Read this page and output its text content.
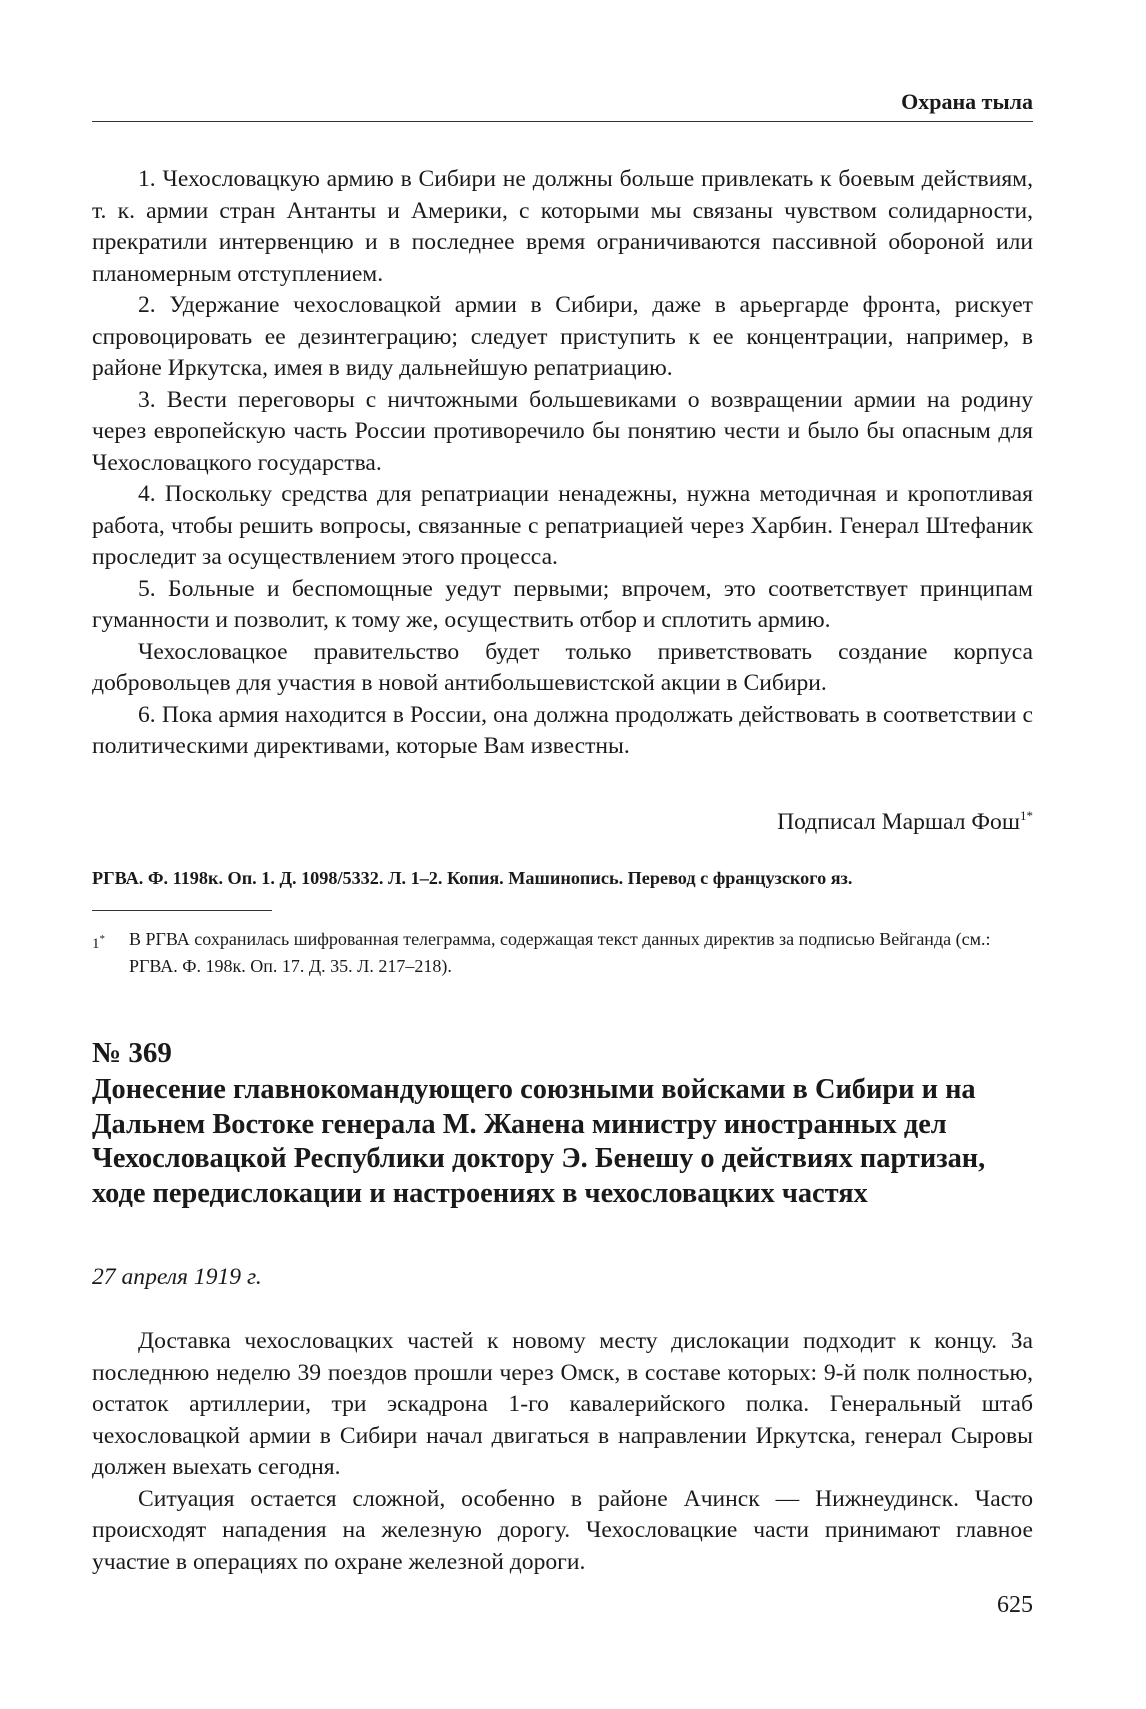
Охрана тыла

1. Чехословацкую армию в Сибири не должны больше привлекать к боевым действиям, т. к. армии стран Антанты и Америки, с которыми мы связаны чувством солидарности, прекратили интервенцию и в последнее время ограничиваются пассивной обороной или планомерным отступлением.

2. Удержание чехословацкой армии в Сибири, даже в арьергарде фронта, рискует спровоцировать ее дезинтеграцию; следует приступить к ее концентрации, например, в районе Иркутска, имея в виду дальнейшую репатриацию.

3. Вести переговоры с ничтожными большевиками о возвращении армии на родину через европейскую часть России противоречило бы понятию чести и было бы опасным для Чехословацкого государства.

4. Поскольку средства для репатриации ненадежны, нужна методичная и кропотливая работа, чтобы решить вопросы, связанные с репатриацией через Харбин. Генерал Штефаник проследит за осуществлением этого процесса.

5. Больные и беспомощные уедут первыми; впрочем, это соответствует принципам гуманности и позволит, к тому же, осуществить отбор и сплотить армию.

Чехословацкое правительство будет только приветствовать создание корпуса добровольцев для участия в новой антибольшевистской акции в Сибири.

6. Пока армия находится в России, она должна продолжать действовать в соответствии с политическими директивами, которые Вам известны.

Подписал Маршал Фош$^{1*}$
РГВА. Ф. 1198к. Оп. 1. Д. 1098/5332. Л. 1–2. Копия. Машинопись. Перевод с французского яз.
1* В РГВА сохранилась шифрованная телеграмма, содержащая текст данных директив за подписью Вейганда (см.: РГВА. Ф. 198к. Оп. 17. Д. 35. Л. 217–218).
№ 369
Донесение главнокомандующего союзными войсками в Сибири и на Дальнем Востоке генерала М. Жанена министру иностранных дел Чехословацкой Республики доктору Э. Бенешу о действиях партизан, ходе передислокации и настроениях в чехословацких частях
27 апреля 1919 г.

Доставка чехословацких частей к новому месту дислокации подходит к концу. За последнюю неделю 39 поездов прошли через Омск, в составе которых: 9-й полк полностью, остаток артиллерии, три эскадрона 1-го кавалерийского полка. Генеральный штаб чехословацкой армии в Сибири начал двигаться в направлении Иркутска, генерал Сыровы должен выехать сегодня.

Ситуация остается сложной, особенно в районе Ачинск — Нижнеудинск. Часто происходят нападения на железную дорогу. Чехословацкие части принимают главное участие в операциях по охране железной дороги.

625
